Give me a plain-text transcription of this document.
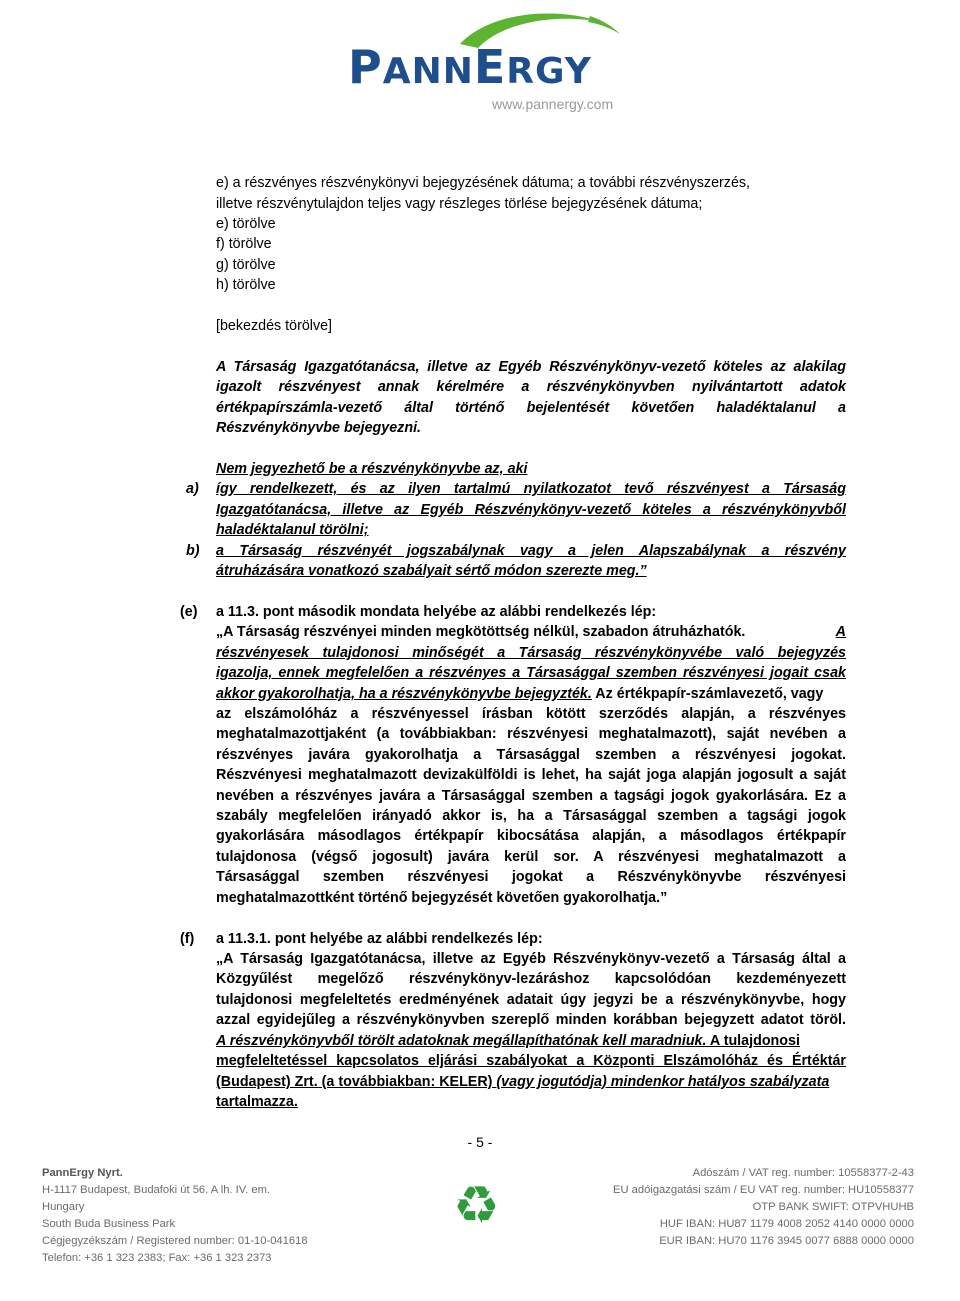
PANNERGY
www.pannergy.com
e) a részvényes részvénykönyvi bejegyzésének dátuma; a további részvényszerzés,
illetve részvénytulajdon teljes vagy részleges törlése bejegyzésének dátuma;
e) törölve
f) törölve
g) törölve
h) törölve
[bekezdés törölve]
A Társaság Igazgatótanácsa, illetve az Egyéb Részvénykönyv-vezető köteles az alakilag
igazolt részvényest annak kérelmére a részvénykönyvben nyilvántartott adatok
értékpapírszámla-vezető által történő bejelentését követően haladéktalanul a
Részvénykönyvbe bejegyezni.
Nem jegyezhető be a részvénykönyvbe az, aki
így rendelkezett, és az ilyen tartalmú nyilatkozatot tevő részvényest a Társaság
Igazgatótanácsa, illetve az Egyéb Részvénykönyv-vezető köteles a részvénykönyvből
haladéktalanul törölni;
a Társaság részvényét jogszabálynak vagy a jelen Alapszabálynak a részvény
átruházására vonatkozó szabályait sértő módon szerezte meg.”
a 11.3. pont második mondata helyébe az alábbi rendelkezés lép:
„A Társaság részvényei minden megkötöttség nélkül, szabadon átruházhatók.	A
részvényesek tulajdonosi minőségét a Társaság részvénykönyvébe való bejegyzés
igazolja, ennek megfelelően a részvényes a Társasággal szemben részvényesi jogait csak
akkor gyakorolhatja, ha a részvénykönyvbe bejegyzték. Az értékpapír-számlavezető, vagy
az elszámolóház a részvényessel írásban kötött szerződés alapján, a részvényes
meghatalmazottjaként (a továbbiakban: részvényesi meghatalmazott), saját nevében a
részvényes javára gyakorolhatja a Társasággal szemben a részvényesi jogokat.
Részvényesi meghatalmazott devizakülföldi is lehet, ha saját joga alapján jogosult a saját
nevében a részvényes javára a Társasággal szemben a tagsági jogok gyakorlására. Ez a
szabály megfelelően irányadó akkor is, ha a Társasággal szemben a tagsági jogok
gyakorlására másodlagos értékpapír kibocsátása alapján, a másodlagos értékpapír
tulajdonosa (végső jogosult) javára kerül sor. A részvényesi meghatalmazott a
Társasággal szemben részvényesi jogokat a Részvénykönyvbe részvényesi
meghatalmazottként történő bejegyzését követően gyakorolhatja.”
a 11.3.1. pont helyébe az alábbi rendelkezés lép:
„A Társaság Igazgatótanácsa, illetve az Egyéb Részvénykönyv-vezető a Társaság által a
Közgyűlést megelőző részvénykönyv-lezáráshoz kapcsolódóan kezdeményezett
tulajdonosi megfeleltetés eredményének adatait úgy jegyzi be a részvénykönyvbe, hogy
azzal egyidejűleg a részvénykönyvben szereplő minden korábban bejegyzett adatot töröl.
A részvénykönyvből törölt adatoknak megállapíthatónak kell maradniuk. A tulajdonosi
megfeleltetéssel kapcsolatos eljárási szabályokat a Központi Elszámolóház és Értéktár
(Budapest) Zrt. (a továbbiakban: KELER) (vagy jogutódja) mindenkor hatályos szabályzata
tartalmazza.
a)
b)
(e)
(f)
- 5 -
PannErgy Nyrt.
H-1117 Budapest, Budafoki út 56. A lh. IV. em.
Hungary
South Buda Business Park
Cégjegyzékszám / Registered number: 01-10-041618
Telefon: +36 1 323 2383; Fax: +36 1 323 2373
♻
Adószám / VAT reg. number: 10558377-2-43
EU adóigazgatási szám / EU VAT reg. number: HU10558377
OTP BANK SWIFT: OTPVHUHB
HUF IBAN: HU87 1179 4008 2052 4140 0000 0000
EUR IBAN: HU70 1176 3945 0077 6888 0000 0000
